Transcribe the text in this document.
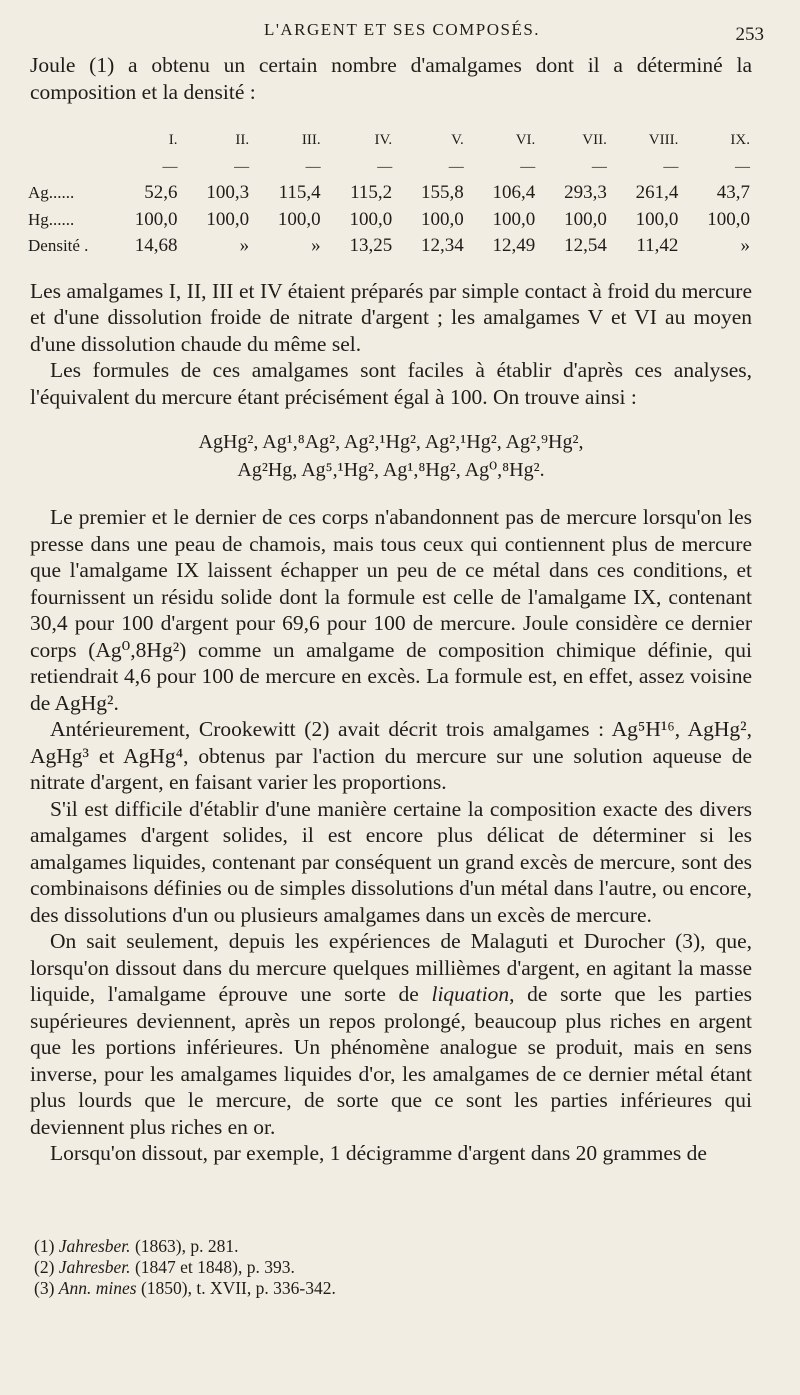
L'ARGENT ET SES COMPOSÉS.	253

Joule (1) a obtenu un certain nombre d'amalgames dont il a déterminé la composition et la densité :

	I.	II.	III.	IV.	V.	VI.	VII.	VIII.	IX.
	—	—	—	—	—	—	—	—	—
Ag......	52,6	100,3	115,4	115,2	155,8	106,4	293,3	261,4	43,7
Hg......	100,0	100,0	100,0	100,0	100,0	100,0	100,0	100,0	100,0
Densité .	14,68	»	»	13,25	12,34	12,49	12,54	11,42	»

Les amalgames I, II, III et IV étaient préparés par simple contact à froid du mercure et d'une dissolution froide de nitrate d'argent ; les amalgames V et VI au moyen d'une dissolution chaude du même sel.

Les formules de ces amalgames sont faciles à établir d'après ces analyses, l'équivalent du mercure étant précisément égal à 100. On trouve ainsi :

AgHg², Ag¹,⁸Ag², Ag²,¹Hg², Ag²,¹Hg², Ag²,⁹Hg²,
Ag²Hg, Ag⁵,¹Hg², Ag¹,⁸Hg², Ag⁰,⁸Hg².

Le premier et le dernier de ces corps n'abandonnent pas de mercure lorsqu'on les presse dans une peau de chamois, mais tous ceux qui contiennent plus de mercure que l'amalgame IX laissent échapper un peu de ce métal dans ces conditions, et fournissent un résidu solide dont la formule est celle de l'amalgame IX, contenant 30,4 pour 100 d'argent pour 69,6 pour 100 de mercure. Joule considère ce dernier corps (Ag⁰,8Hg²) comme un amalgame de composition chimique définie, qui retiendrait 4,6 pour 100 de mercure en excès. La formule est, en effet, assez voisine de AgHg².

Antérieurement, Crookewitt (2) avait décrit trois amalgames : Ag⁵H¹⁶, AgHg², AgHg³ et AgHg⁴, obtenus par l'action du mercure sur une solution aqueuse de nitrate d'argent, en faisant varier les proportions.

S'il est difficile d'établir d'une manière certaine la composition exacte des divers amalgames d'argent solides, il est encore plus délicat de déterminer si les amalgames liquides, contenant par conséquent un grand excès de mercure, sont des combinaisons définies ou de simples dissolutions d'un métal dans l'autre, ou encore, des dissolutions d'un ou plusieurs amalgames dans un excès de mercure.

On sait seulement, depuis les expériences de Malaguti et Durocher (3), que, lorsqu'on dissout dans du mercure quelques millièmes d'argent, en agitant la masse liquide, l'amalgame éprouve une sorte de liquation, de sorte que les parties supérieures deviennent, après un repos prolongé, beaucoup plus riches en argent que les portions inférieures. Un phénomène analogue se produit, mais en sens inverse, pour les amalgames liquides d'or, les amalgames de ce dernier métal étant plus lourds que le mercure, de sorte que ce sont les parties inférieures qui deviennent plus riches en or.

Lorsqu'on dissout, par exemple, 1 décigramme d'argent dans 20 grammes de

(1) Jahresber. (1863), p. 281.
(2) Jahresber. (1847 et 1848), p. 393.
(3) Ann. mines (1850), t. XVII, p. 336-342.
